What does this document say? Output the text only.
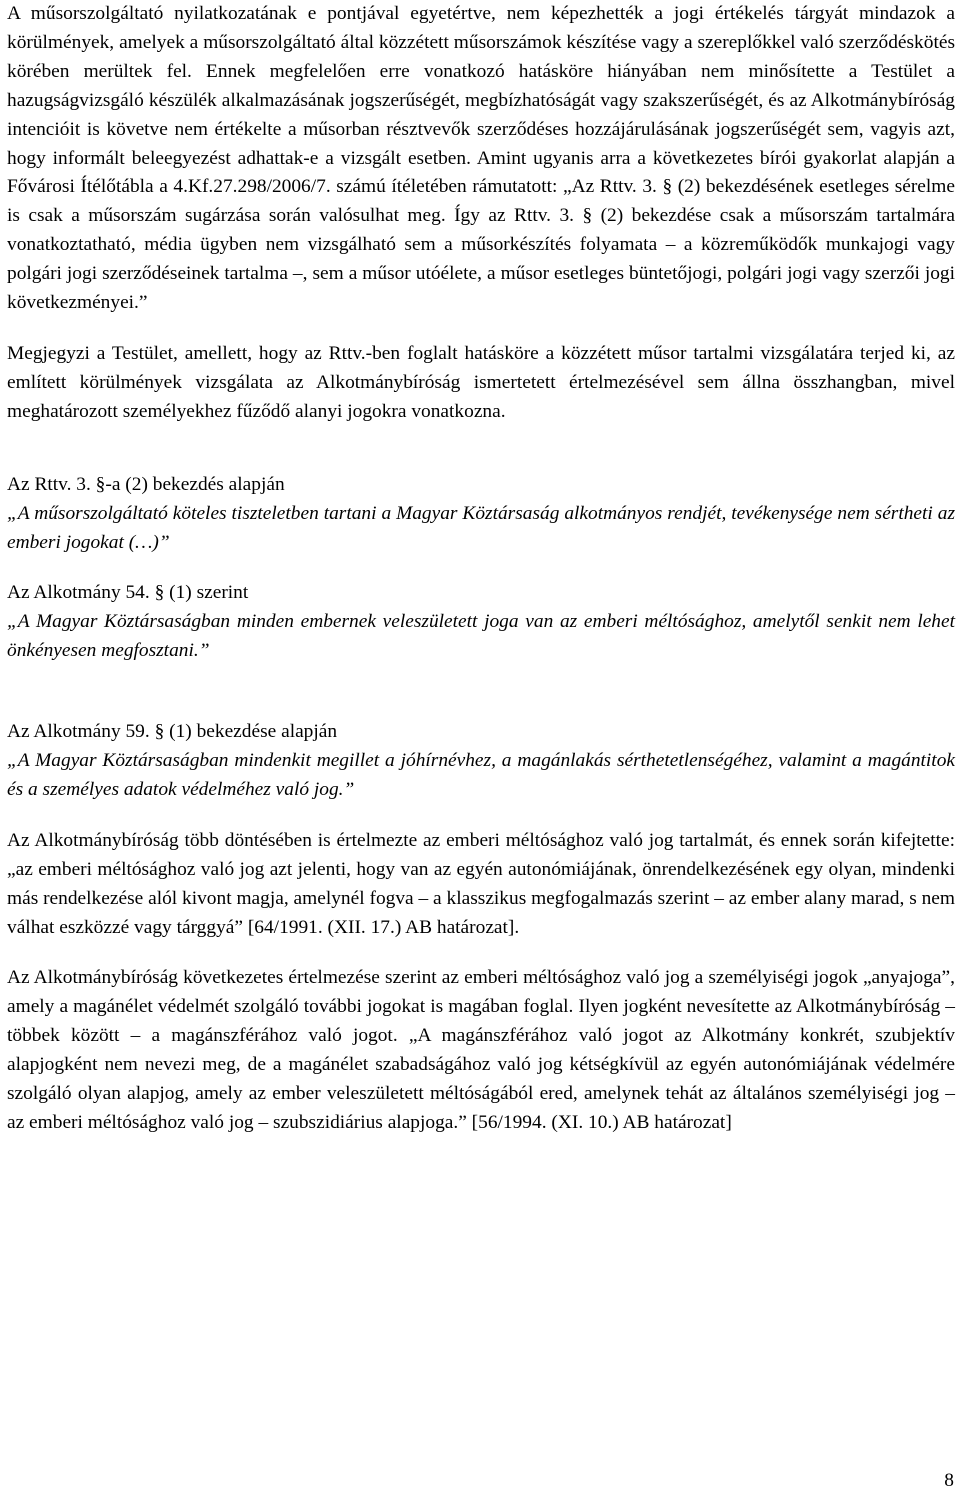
A műsorszolgáltató nyilatkozatának e pontjával egyetértve, nem képezhették a jogi értékelés tárgyát mindazok a körülmények, amelyek a műsorszolgáltató által közzétett műsorszámok készítése vagy a szereplőkkel való szerződéskötés körében merültek fel. Ennek megfelelően erre vonatkozó hatásköre hiányában nem minősítette a Testület a hazugságvizsgáló készülék alkalmazásának jogszerűségét, megbízhatóságát vagy szakszerűségét, és az Alkotmánybíróság intencióit is követve nem értékelte a műsorban résztvevők szerződéses hozzájárulásának jogszerűségét sem, vagyis azt, hogy informált beleegyezést adhattak-e a vizsgált esetben. Amint ugyanis arra a következetes bírói gyakorlat alapján a Fővárosi Ítélőtábla a 4.Kf.27.298/2006/7. számú ítéletében rámutatott: „Az Rttv. 3. § (2) bekezdésének esetleges sérelme is csak a műsorszám sugárzása során valósulhat meg. Így az Rttv. 3. § (2) bekezdése csak a műsorszám tartalmára vonatkoztatható, média ügyben nem vizsgálható sem a műsorkészítés folyamata – a közreműködők munkajogi vagy polgári jogi szerződéseinek tartalma –, sem a műsor utóélete, a műsor esetleges büntetőjogi, polgári jogi vagy szerzői jogi következményei.”

Megjegyzi a Testület, amellett, hogy az Rttv.-ben foglalt hatásköre a közzétett műsor tartalmi vizsgálatára terjed ki, az említett körülmények vizsgálata az Alkotmánybíróság ismertetett értelmezésével sem állna összhangban, mivel meghatározott személyekhez fűződő alanyi jogokra vonatkozna.

Az Rttv. 3. §-a (2) bekezdés alapján

„A műsorszolgáltató köteles tiszteletben tartani a Magyar Köztársaság alkotmányos rendjét, tevékenysége nem sértheti az emberi jogokat (…)”

Az Alkotmány 54. § (1) szerint

„A Magyar Köztársaságban minden embernek veleszületett joga van az emberi méltósághoz, amelytől senkit nem lehet önkényesen megfosztani.”

Az Alkotmány 59. § (1) bekezdése alapján

„A Magyar Köztársaságban mindenkit megillet a jóhírnévhez, a magánlakás sérthetetlenségéhez, valamint a magántitok és a személyes adatok védelméhez való jog.”

Az Alkotmánybíróság több döntésében is értelmezte az emberi méltósághoz való jog tartalmát, és ennek során kifejtette: „az emberi méltósághoz való jog azt jelenti, hogy van az egyén autonómiájának, önrendelkezésének egy olyan, mindenki más rendelkezése alól kivont magja, amelynél fogva – a klasszikus megfogalmazás szerint – az ember alany marad, s nem válhat eszközzé vagy tárggyá” [64/1991. (XII. 17.) AB határozat].

Az Alkotmánybíróság következetes értelmezése szerint az emberi méltósághoz való jog a személyiségi jogok „anyajoga”, amely a magánélet védelmét szolgáló további jogokat is magában foglal. Ilyen jogként nevesítette az Alkotmánybíróság – többek között – a magánszférához való jogot. „A magánszférához való jogot az Alkotmány konkrét, szubjektív alapjogként nem nevezi meg, de a magánélet szabadságához való jog kétségkívül az egyén autonómiájának védelmére szolgáló olyan alapjog, amely az ember veleszületett méltóságából ered, amelynek tehát az általános személyiségi jog – az emberi méltósághoz való jog – szubszidiárius alapjoga.” [56/1994. (XI. 10.) AB határozat]

8
